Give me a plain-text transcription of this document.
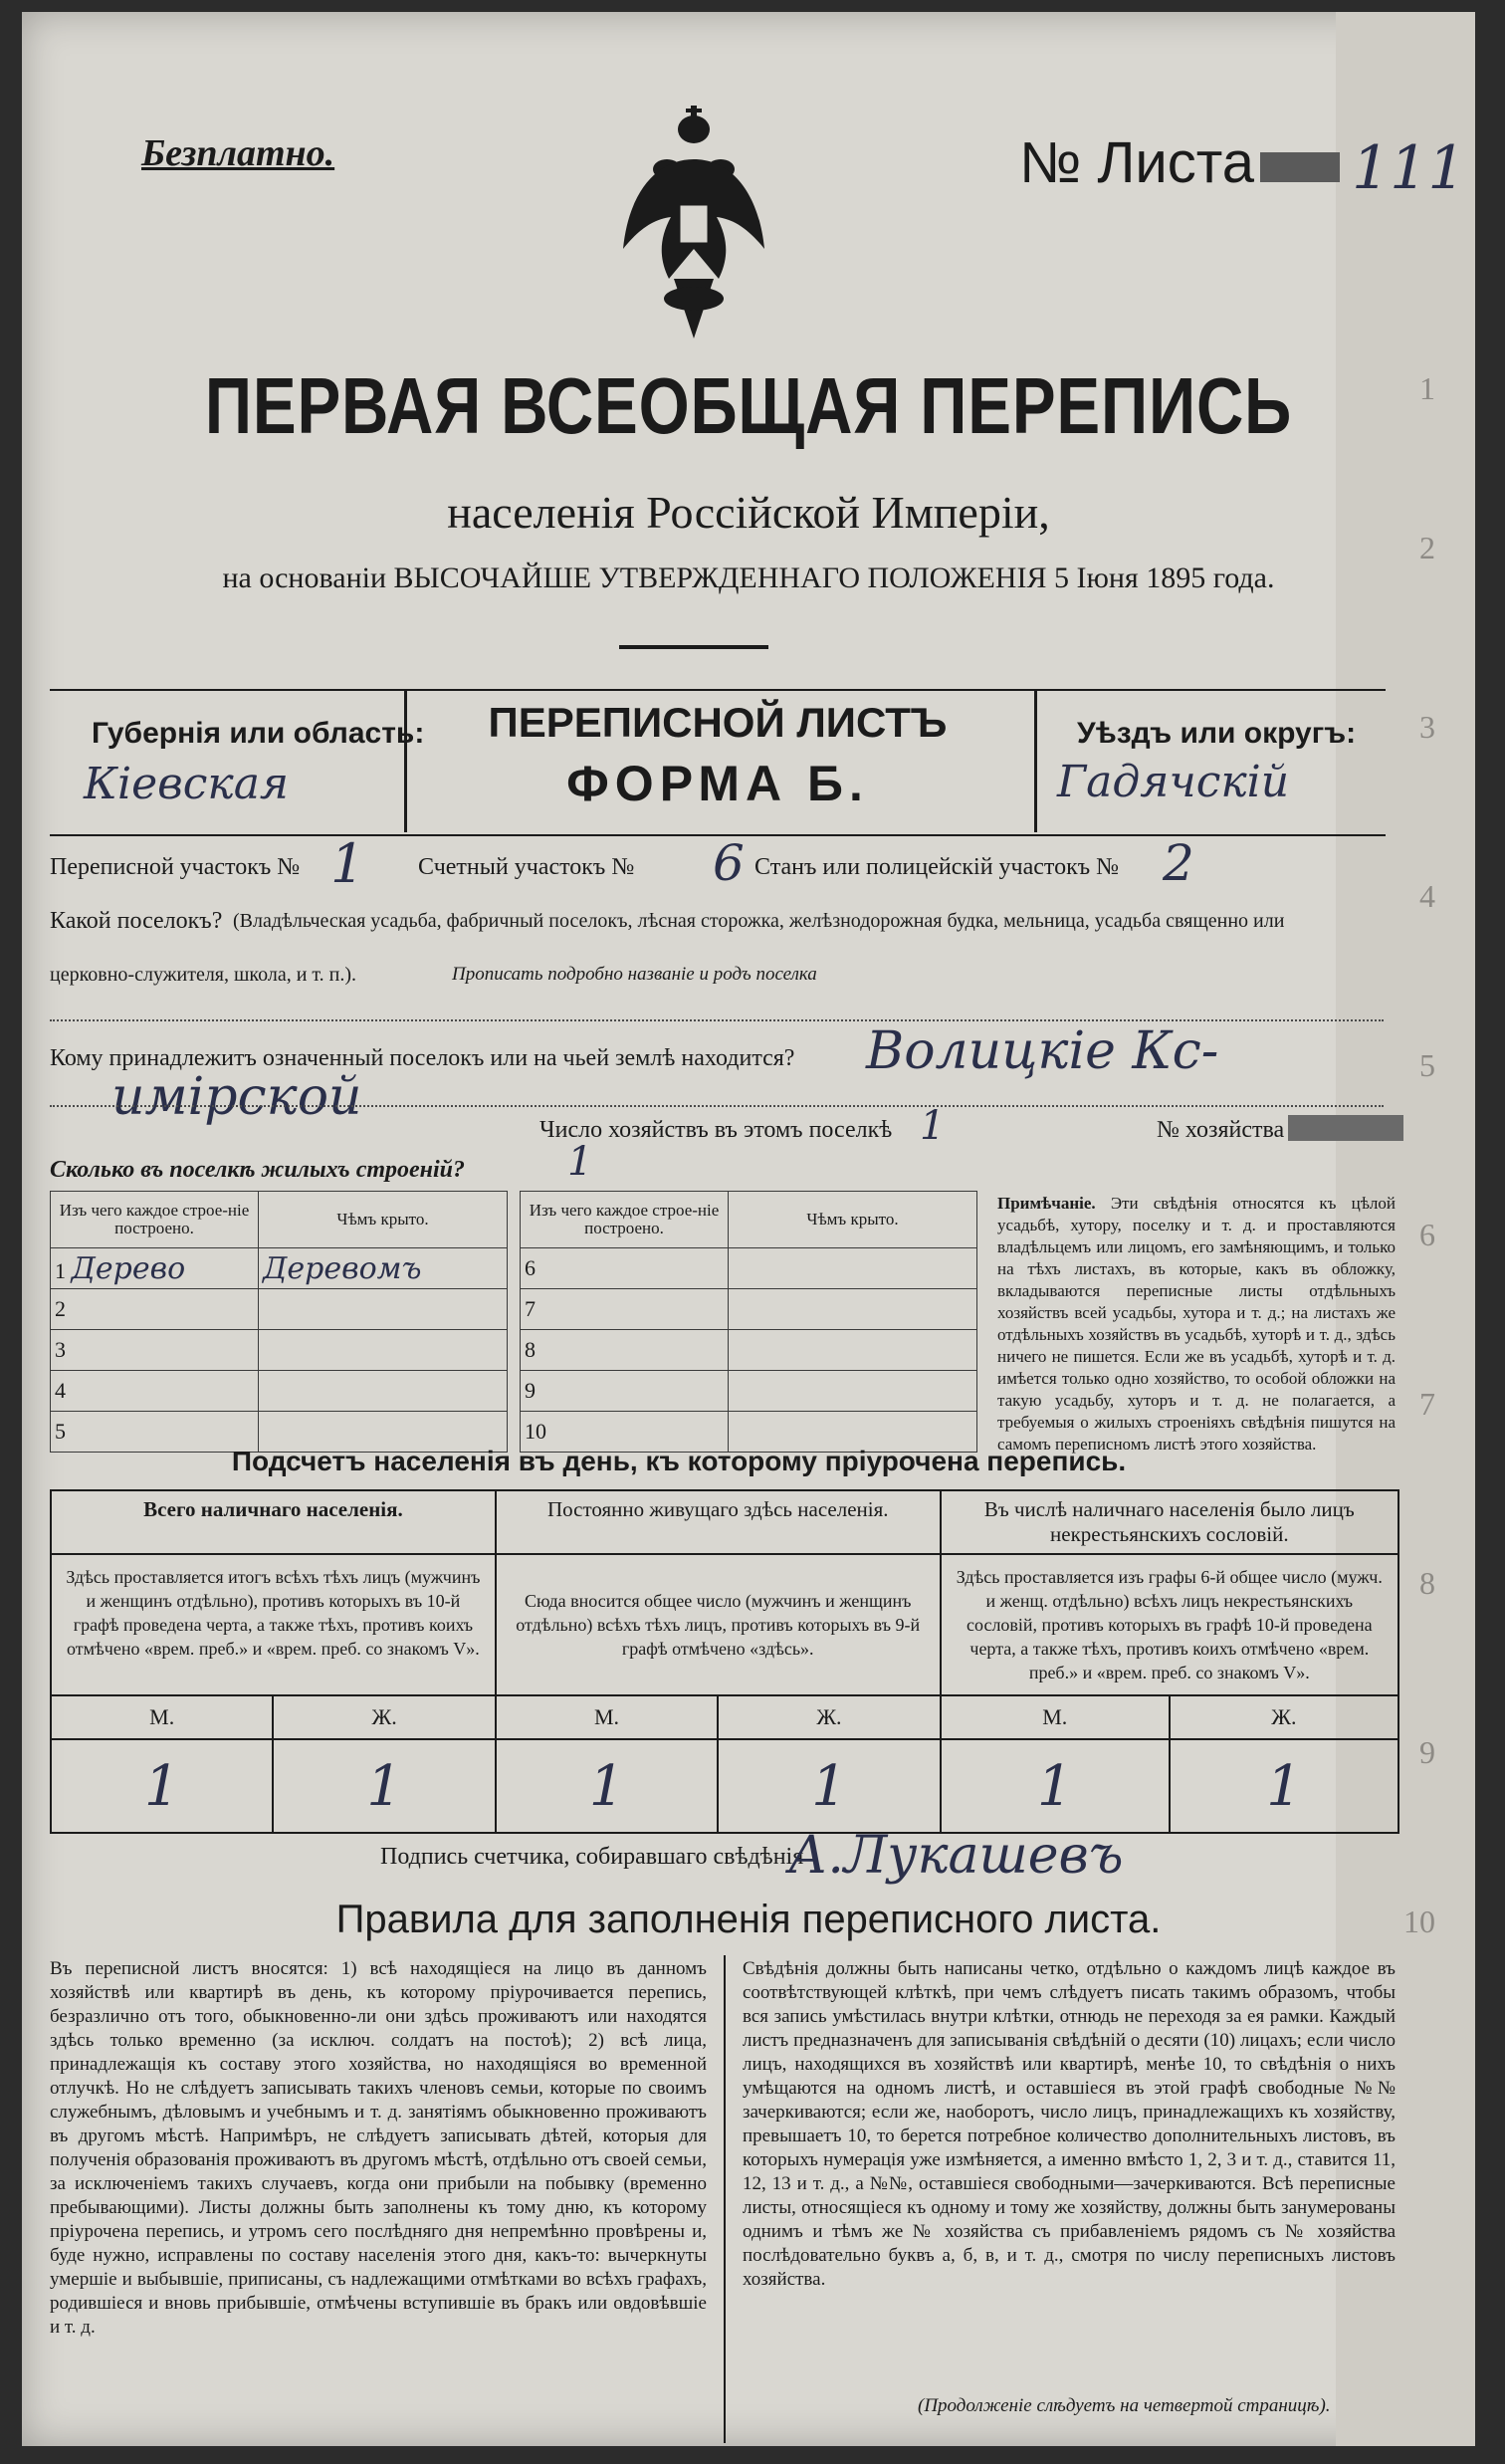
1
2
3
4
5
6
7
8
9
10
Безплатно.	№ Листа	111
ПЕРВАЯ ВСЕОБЩАЯ ПЕРЕПИСЬ
населенія Россійской Имперіи,
на основаніи ВЫСОЧАЙШЕ УТВЕРЖДЕННАГО ПОЛОЖЕНІЯ 5 Іюня 1895 года.
Губернія или область:
Кіевская
ПЕРЕПИСНОЙ ЛИСТЪ
ФОРМА Б.
Уѣздъ или округъ:
Гадячскій
Переписной участокъ № 1 Счетный участокъ № 6 Станъ или полицейскій участокъ № 2
Какой поселокъ? (Владѣльческая усадьба, фабричный поселокъ, лѣсная сторожка, желѣзнодорожная будка, мельница, усадьба священно или
церковно-служителя, школа, и т. п.).	Прописать подробно названіе и родъ поселка
Кому принадлежитъ означенный поселокъ или на чьей землѣ находится? Волицкіе Кс-
имірской
Число хозяйствъ въ этомъ поселкѣ 1	№ хозяйства
Сколько въ поселкѣ жилыхъ строеній?	1
Изъ чего каждое строе-ніе построено.	Чѣмъ крыто.
1 Дерево	Деревомъ
2	
3	
4	
5	
Изъ чего каждое строе-ніе построено.	Чѣмъ крыто.
6	
7	
8	
9	
10	
Примѣчаніе. Эти свѣдѣнія относятся къ цѣлой усадьбѣ, хутору, поселку и т. д. и проставляются владѣльцемъ или лицомъ, его замѣняющимъ, и только на тѣхъ листахъ, въ которые, какъ въ обложку, вкладываются переписные листы отдѣльныхъ хозяйствъ всей усадьбы, хутора и т. д.; на листахъ же отдѣльныхъ хозяйствъ въ усадьбѣ, хуторѣ и т. д., здѣсь ничего не пишется. Если же въ усадьбѣ, хуторѣ и т. д. имѣется только одно хозяйство, то особой обложки на такую усадьбу, хуторъ и т. д. не полагается, а требуемыя о жилыхъ строеніяхъ свѣдѣнія пишутся на самомъ переписномъ листѣ этого хозяйства.
Подсчетъ населенія въ день, къ которому пріурочена перепись.
Всего наличнаго населенія.		Постоянно живущаго здѣсь населенія.		Въ числѣ наличнаго населенія было лицъ некрестьянскихъ сословій.	
Здѣсь проставляется итогъ всѣхъ тѣхъ лицъ (мужчинъ и женщинъ отдѣльно), противъ которыхъ въ 10-й графѣ проведена черта, а также тѣхъ, противъ коихъ отмѣчено «врем. преб.» и «врем. преб. со знакомъ V».		Сюда вносится общее число (мужчинъ и женщинъ отдѣльно) всѣхъ тѣхъ лицъ, противъ которыхъ въ 9-й графѣ отмѣчено «здѣсь».		Здѣсь проставляется изъ графы 6-й общее число (мужч. и женщ. отдѣльно) всѣхъ лицъ некрестьянскихъ сословій, противъ которыхъ въ графѣ 10-й проведена черта, а также тѣхъ, противъ коихъ отмѣчено «врем. преб.» и «врем. преб. со знакомъ V».	
М.	Ж.	М.	Ж.	М.	Ж.
1	1	1	1	1	1
Подпись счетчика, собиравшаго свѣдѣнія
А.Лукашевъ
Правила для заполненія переписного листа.
Въ переписной листъ вносятся: 1) всѣ находящіеся на лицо въ данномъ хозяйствѣ или квартирѣ въ день, къ которому пріурочивается перепись, безразлично отъ того, обыкновенно-ли они здѣсь проживаютъ или находятся здѣсь только временно (за исключ. солдатъ на постоѣ); 2) всѣ лица, принадлежащія къ составу этого хозяйства, но находящіяся во временной отлучкѣ. Но не слѣдуетъ записывать такихъ членовъ семьи, которые по своимъ служебнымъ, дѣловымъ и учебнымъ и т. д. занятіямъ обыкновенно проживаютъ въ другомъ мѣстѣ. Напримѣръ, не слѣдуетъ записывать дѣтей, которыя для полученія образованія проживаютъ въ другомъ мѣстѣ, отдѣльно отъ своей семьи, за исключеніемъ такихъ случаевъ, когда они прибыли на побывку (временно пребывающими). Листы должны быть заполнены къ тому дню, къ которому пріурочена перепись, и утромъ сего послѣдняго дня непремѣнно провѣрены и, буде нужно, исправлены по составу населенія этого дня, какъ-то: вычеркнуты умершіе и выбывшіе, приписаны, съ надлежащими отмѣтками во всѣхъ графахъ, родившіеся и вновь прибывшіе, отмѣчены вступившіе въ бракъ или овдовѣвшіе и т. д.
Свѣдѣнія должны быть написаны четко, отдѣльно о каждомъ лицѣ каждое въ соотвѣтствующей клѣткѣ, при чемъ слѣдуетъ писать такимъ образомъ, чтобы вся запись умѣстилась внутри клѣтки, отнюдь не переходя за ея рамки. Каждый листъ предназначенъ для записыванія свѣдѣній о десяти (10) лицахъ; если число лицъ, находящихся въ хозяйствѣ или квартирѣ, менѣе 10, то свѣдѣнія о нихъ умѣщаются на одномъ листѣ, и оставшіеся въ этой графѣ свободные №№ зачеркиваются; если же, наоборотъ, число лицъ, принадлежащихъ къ хозяйству, превышаетъ 10, то берется потребное количество дополнительныхъ листовъ, въ которыхъ нумерація уже измѣняется, а именно вмѣсто 1, 2, 3 и т. д., ставится 11, 12, 13 и т. д., а №№, оставшіеся свободными—зачеркиваются. Всѣ переписные листы, относящіеся къ одному и тому же хозяйству, должны быть занумерованы однимъ и тѣмъ же № хозяйства съ прибавленіемъ рядомъ съ № хозяйства послѣдовательно буквъ а, б, в, и т. д., смотря по числу переписныхъ листовъ хозяйства.
(Продолженіе слѣдуетъ на четвертой страницѣ).
